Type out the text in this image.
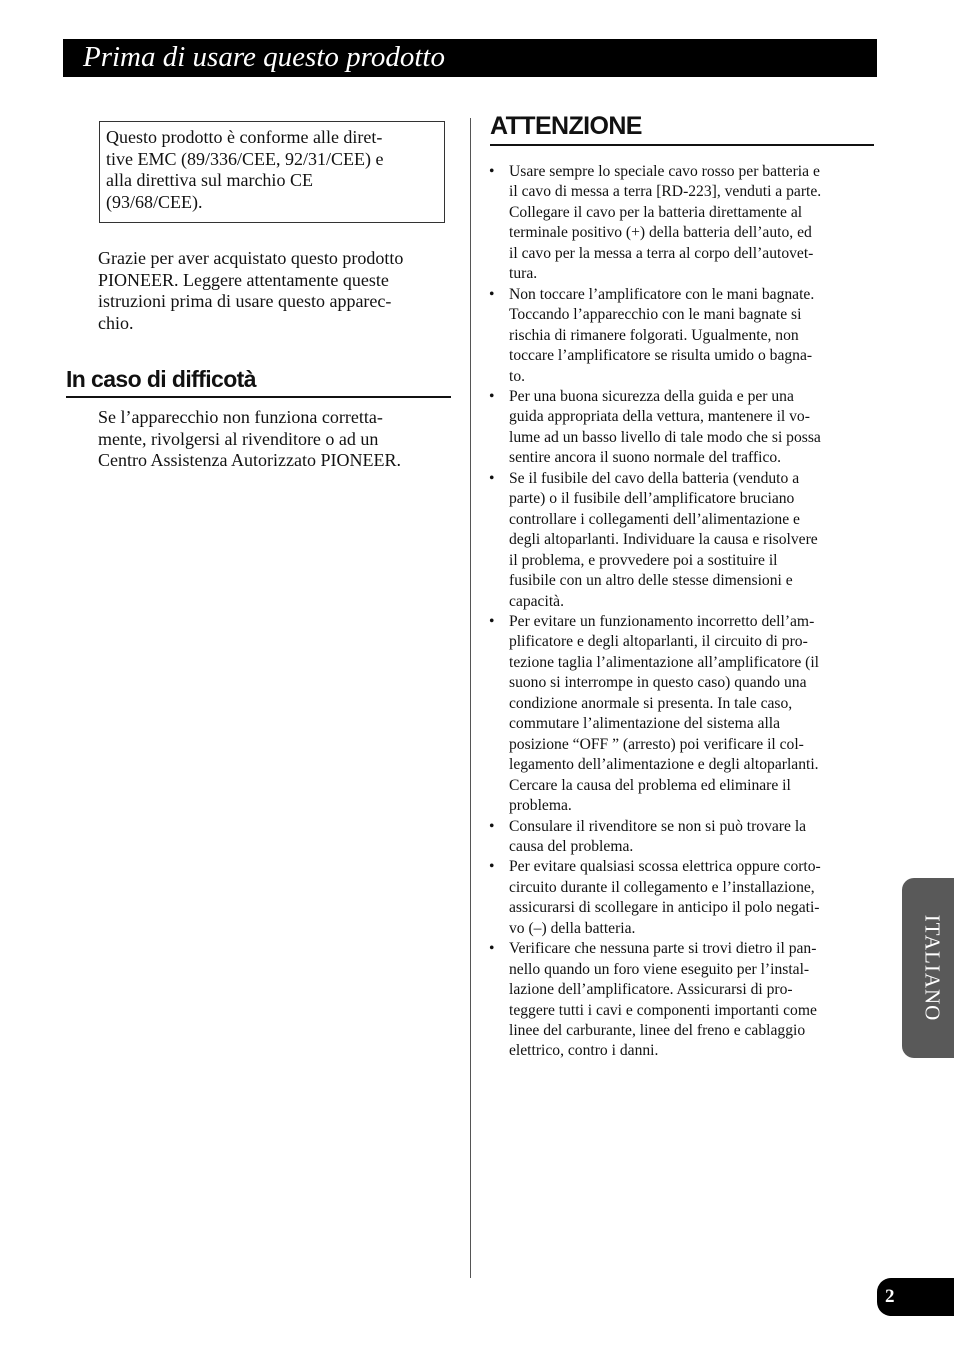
Prima di usare questo prodotto
Questo prodotto è conforme alle diret-
tive EMC (89/336/CEE, 92/31/CEE) e
alla direttiva sul marchio CE
(93/68/CEE).
Grazie per aver acquistato questo prodotto
PIONEER. Leggere attentamente queste
istruzioni prima di usare questo apparec-
chio.
In caso di difficotà
Se l’apparecchio non funziona corretta-
mente, rivolgersi al rivenditore o ad un
Centro Assistenza Autorizzato PIONEER.
ATTENZIONE
• Usare sempre lo speciale cavo rosso per batteria e
il cavo di messa a terra [RD-223], venduti a parte.
Collegare il cavo per la batteria direttamente al
terminale positivo (+) della batteria dell’auto, ed
il cavo per la messa a terra al corpo dell’autovet-
tura.
• Non toccare l’amplificatore con le mani bagnate.
Toccando l’apparecchio con le mani bagnate si
rischia di rimanere folgorati. Ugualmente, non
toccare l’amplificatore se risulta umido o bagna-
to.
• Per una buona sicurezza della guida e per una
guida appropriata della vettura, mantenere il vo-
lume ad un basso livello di tale modo che si possa
sentire ancora il suono normale del traffico.
• Se il fusibile del cavo della batteria (venduto a
parte) o il fusibile dell’amplificatore bruciano
controllare i collegamenti dell’alimentazione e
degli altoparlanti. Individuare la causa e risolvere
il problema, e provvedere poi a sostituire il
fusibile con un altro delle stesse dimensioni e
capacità.
• Per evitare un funzionamento incorretto dell’am-
plificatore e degli altoparlanti, il circuito di pro-
tezione taglia l’alimentazione all’amplificatore (il
suono si interrompe in questo caso) quando una
condizione anormale si presenta. In tale caso,
commutare l’alimentazione del sistema alla
posizione “OFF ” (arresto) poi verificare il col-
legamento dell’alimentazione e degli altoparlanti.
Cercare la causa del problema ed eliminare il
problema.
• Consulare il rivenditore se non si può trovare la
causa del problema.
• Per evitare qualsiasi scossa elettrica oppure corto-
circuito durante il collegamento e l’installazione,
assicurarsi di scollegare in anticipo il polo negati-
vo (–) della batteria.
• Verificare che nessuna parte si trovi dietro il pan-
nello quando un foro viene eseguito per l’instal-
lazione dell’amplificatore. Assicurarsi di pro-
teggere tutti i cavi e componenti importanti come
linee del carburante, linee del freno e cablaggio
elettrico, contro i danni.
ITALIANO
2
